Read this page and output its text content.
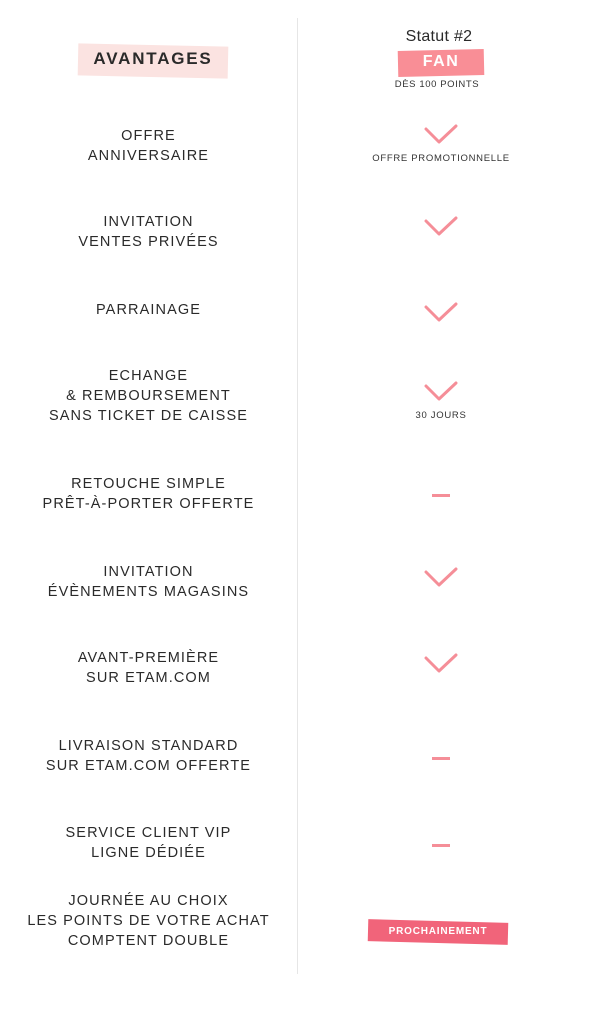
AVANTAGES
Statut #2
FAN
DÈS 100 POINTS
OFFRE
ANNIVERSAIRE	OFFRE PROMOTIONNELLE
INVITATION
VENTES PRIVÉES
PARRAINAGE
ECHANGE
& REMBOURSEMENT
SANS TICKET DE CAISSE	30 JOURS
RETOUCHE SIMPLE
PRÊT-À-PORTER OFFERTE
INVITATION
ÉVÈNEMENTS MAGASINS
AVANT-PREMIÈRE
SUR ETAM.COM
LIVRAISON STANDARD
SUR ETAM.COM OFFERTE
SERVICE CLIENT VIP
LIGNE DÉDIÉE
JOURNÉE AU CHOIX
LES POINTS DE VOTRE ACHAT
COMPTENT DOUBLE
PROCHAINEMENT
